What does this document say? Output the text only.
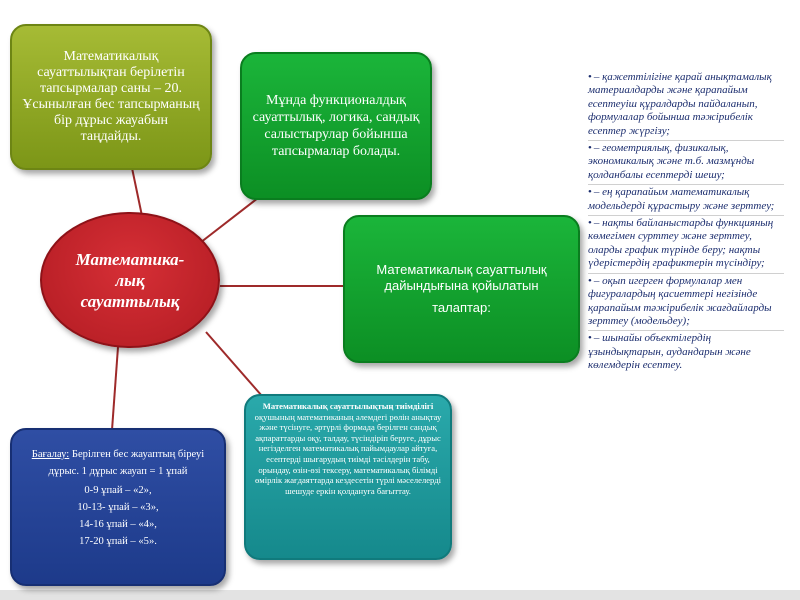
Математикалық сауаттылықтан берілетін тапсырмалар саны – 20. Ұсынылған бес тапсырманың бір дұрыс жауабын таңдайды.
Мұнда функционалдық сауаттылық, логика, сандық салыстырулар бойынша тапсырмалар болады.
Математикалық сауаттылық дайындығына қойылатын
талаптар:
Математикалық сауаттылықтың тиімділігі оқушының математиканың әлемдегі рөлін анықтау және түсінуге, әртүрлі формада берілген сандық ақпараттарды оқу, талдау, түсіндіріп беруге, дұрыс негізделген математикалық пайымдаулар айтуға, есептерді шығарудың тиімді тәсілдерін табу, орындау, өзін-өзі тексеру, математикалық білімді өмірлік жағдаяттарда кездесетін түрлі мәселелерді шешуде еркін қолдануға бағыттау.
Бағалау: Берілген бес жауаптың біреуі дұрыс. 1 дұрыс жауап = 1 ұпай
0-9 ұпай – «2»,
10-13- ұпай – «3»,
14-16 ұпай – «4»,
17-20 ұпай – «5».
Математика-
лық
сауаттылық
• – қажеттілігіне қарай анықтамалық материалдарды және қарапайым есептеуіш құралдарды пайдаланып, формулалар бойынша тәжірибелік есептер жүргізу;
• – геометриялық, физикалық, экономикалық және т.б. мазмұнды қолданбалы есептерді шешу;
• – ең қарапайым математикалық модельдерді құрастыру және зерттеу;
• – нақты байланыстарды функцияның көмегімен сурттеу және зерттеу, оларды график түрінде беру; нақты үдерістердің графиктерін түсіндіру;
• – оқып игерген формулалар мен фигуралардың қасиеттері негізінде қарапайым тәжірибелік жағдайларды зерттеу (модельдеу);
• – шынайы объектілердің ұзындықтарын, аудандарын және көлемдерін есептеу.
